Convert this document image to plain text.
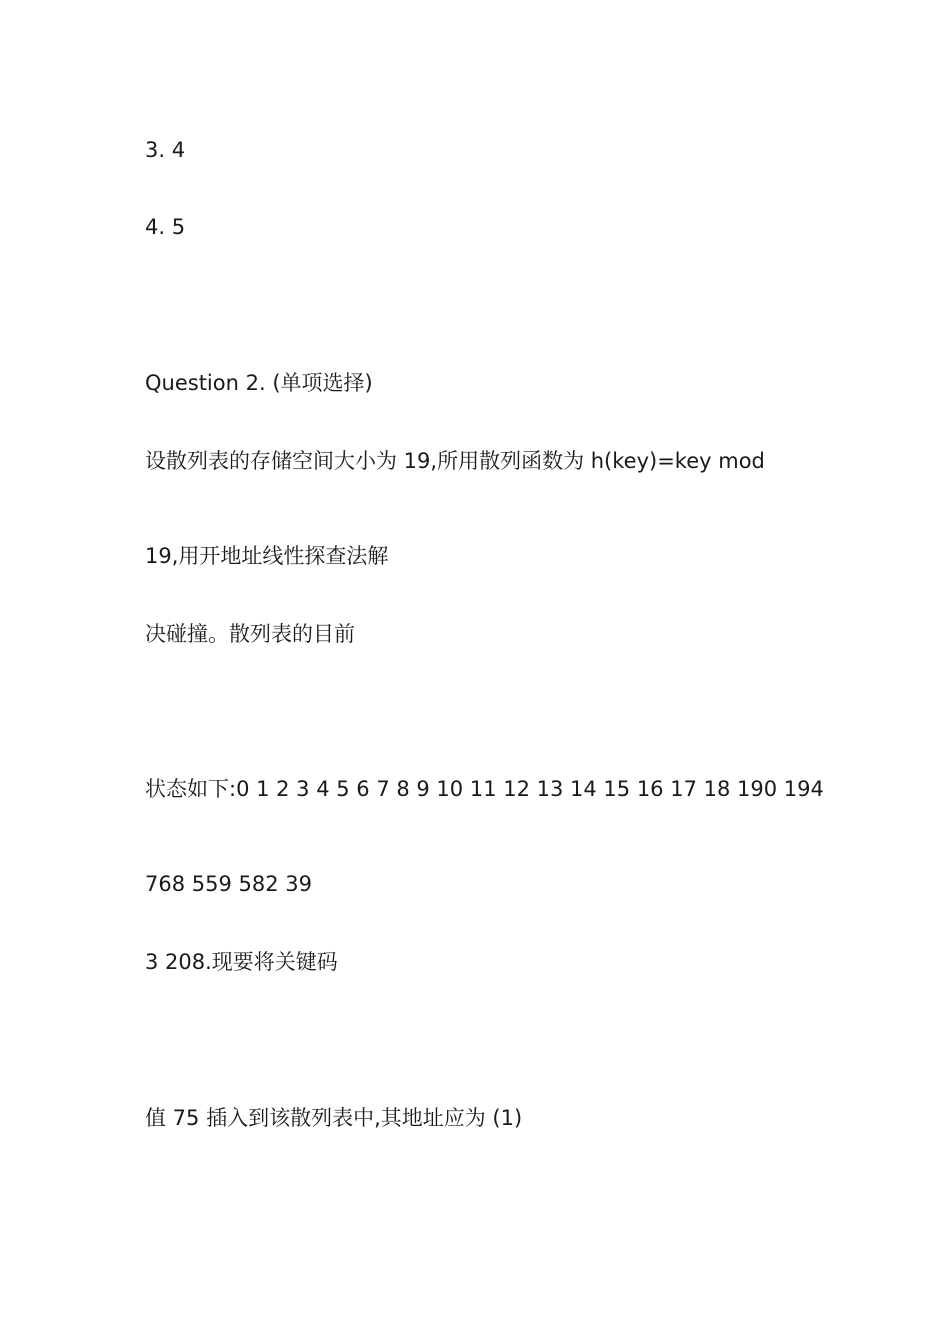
3. 4
4. 5
Question 2. (单项选择)
设散列表的存储空间大小为 19,所用散列函数为 h(key)=key mod
19,用开地址线性探查法解
决碰撞。散列表的目前
状态如下:0 1 2 3 4 5 6 7 8 9 10 11 12 13 14 15 16 17 18 190 194
768 559 582 39
3 208.现要将关键码
值 75 插入到该散列表中,其地址应为 (1)
